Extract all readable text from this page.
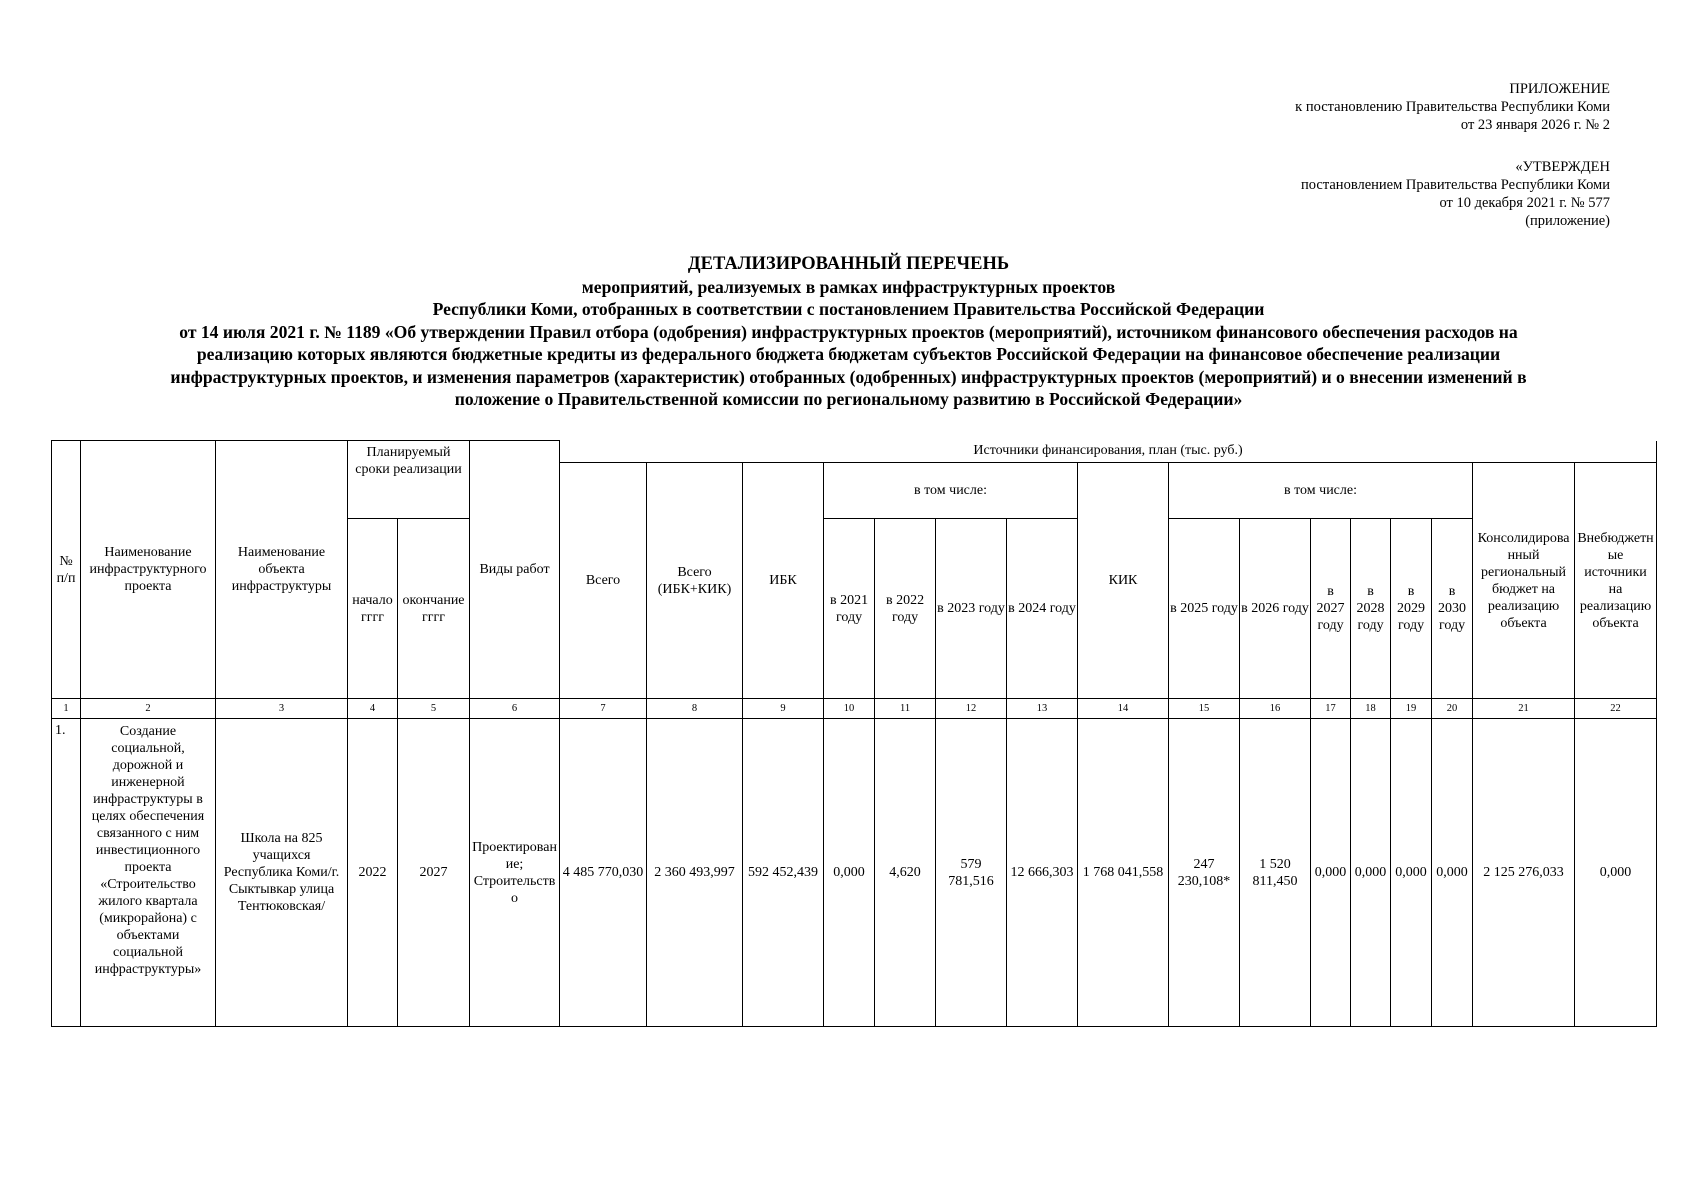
ПРИЛОЖЕНИЕ
к постановлению Правительства Республики Коми
от 23 января 2026 г. № 2
«УТВЕРЖДЕН
постановлением Правительства Республики Коми
от 10 декабря 2021 г. № 577
(приложение)
ДЕТАЛИЗИРОВАННЫЙ ПЕРЕЧЕНЬ
мероприятий, реализуемых в рамках инфраструктурных проектов
Республики Коми, отобранных в соответствии с постановлением Правительства Российской Федерации
от 14 июля 2021 г. № 1189 «Об утверждении Правил отбора (одобрения) инфраструктурных проектов (мероприятий), источником финансового обеспечения расходов на
реализацию которых являются бюджетные кредиты из федерального бюджета бюджетам субъектов Российской Федерации на финансовое обеспечение реализации
инфраструктурных проектов, и изменения параметров (характеристик) отобранных (одобренных) инфраструктурных проектов (мероприятий) и о внесении изменений в
положение о Правительственной комиссии по региональному развитию в Российской Федерации»
№ п/п	Наименование инфраструктурного проекта	Наименование объекта инфраструктуры	Планируемый сроки реализации		Виды работ	Источники финансирования, план (тыс. руб.)															
						Всего	Всего (ИБК+КИК)	ИБК	в том числе:				КИК	в том числе:						Консолидированный региональный бюджет на реализацию объекта	Внебюджетные источники на реализацию объекта
			начало гггг	окончание гггг					в 2021 году	в 2022 году	в 2023 году	в 2024 году		в 2025 году	в 2026 году	в 2027 году	в 2028 году	в 2029 году	в 2030 году		
1	2	3	4	5	6	7	8	9	10	11	12	13	14	15	16	17	18	19	20	21	22
1.	Создание социальной, дорожной и инженерной инфраструктуры в целях обеспечения связанного с ним инвестиционного проекта «Строительство жилого квартала (микрорайона) с объектами социальной инфраструктуры»	Школа на 825 учащихся Республика Коми/г. Сыктывкар улица Тентюковская/	2022	2027	Проектирование; Строительство	4 485 770,030	2 360 493,997	592 452,439	0,000	4,620	579 781,516	12 666,303	1 768 041,558	247 230,108*	1 520 811,450	0,000	0,000	0,000	0,000	2 125 276,033	0,000
